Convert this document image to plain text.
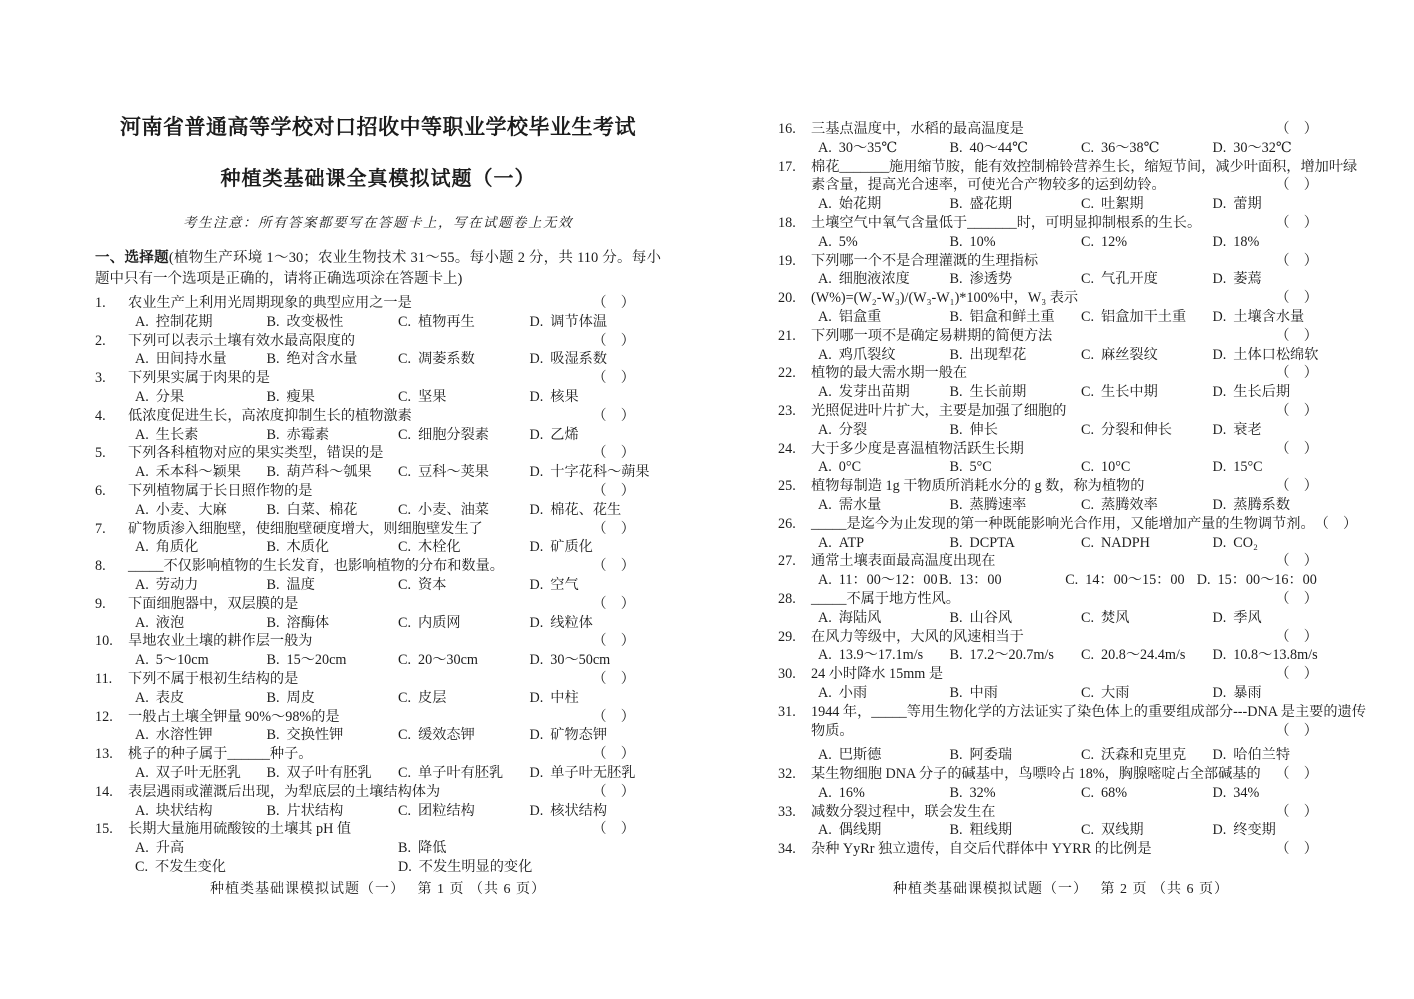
河南省普通高等学校对口招收中等职业学校毕业生考试
种植类基础课全真模拟试题（一）
考生注意：所有答案都要写在答题卡上，写在试题卷上无效
一、选择题(植物生产环境 1～30；农业生物技术 31～55。每小题 2 分，共 110 分。每小题中只有一个选项是正确的，请将正确选项涂在答题卡上)
1.	农业生产上利用光周期现象的典型应用之一是	（　）
A. 控制花期	B. 改变极性	C. 植物再生	D. 调节体温
2.	下列可以表示土壤有效水最高限度的	（　）
A. 田间持水量	B. 绝对含水量	C. 凋萎系数	D. 吸湿系数
3.	下列果实属于肉果的是	（　）
A. 分果	B. 瘦果	C. 坚果	D. 核果
4.	低浓度促进生长，高浓度抑制生长的植物激素	（　）
A. 生长素	B. 赤霉素	C. 细胞分裂素	D. 乙烯
5.	下列各科植物对应的果实类型，错误的是	（　）
A. 禾本科～颖果	B. 葫芦科～瓠果	C. 豆科～荚果	D. 十字花科～蒴果
6.	下列植物属于长日照作物的是	（　）
A. 小麦、大麻	B. 白菜、棉花	C. 小麦、油菜	D. 棉花、花生
7.	矿物质渗入细胞壁，使细胞壁硬度增大，则细胞壁发生了	（　）
A. 角质化	B. 木质化	C. 木栓化	D. 矿质化
8.	_____不仅影响植物的生长发育，也影响植物的分布和数量。	（　）
A. 劳动力	B. 温度	C. 资本	D. 空气
9.	下面细胞器中，双层膜的是	（　）
A. 液泡	B. 溶酶体	C. 内质网	D. 线粒体
10.	旱地农业土壤的耕作层一般为	（　）
A. 5～10cm	B. 15～20cm	C. 20～30cm	D. 30～50cm
11.	下列不属于根初生结构的是	（　）
A. 表皮	B. 周皮	C. 皮层	D. 中柱
12.	一般占土壤全钾量 90%～98%的是	（　）
A. 水溶性钾	B. 交换性钾	C. 缓效态钾	D. 矿物态钾
13.	桃子的种子属于______种子。	（　）
A. 双子叶无胚乳	B. 双子叶有胚乳	C. 单子叶有胚乳	D. 单子叶无胚乳
14.	表层遇雨或灌溉后出现，为犁底层的土壤结构体为	（　）
A. 块状结构	B. 片状结构	C. 团粒结构	D. 核状结构
15.	长期大量施用硫酸铵的土壤其 pH 值	（　）
A. 升高	B. 降低
C. 不发生变化	D. 不发生明显的变化
种植类基础课模拟试题（一）　 第 1 页 （共 6 页）
16.	三基点温度中，水稻的最高温度是	（　）
A. 30～35℃	B. 40～44℃	C. 36～38℃	D. 30～32℃
17.	棉花_______施用缩节胺，能有效控制棉铃营养生长，缩短节间，减少叶面积，增加叶绿
素含量，提高光合速率，可使光合产物较多的运到幼铃。	（　）
A. 始花期	B. 盛花期	C. 吐絮期	D. 蕾期
18.	土壤空气中氧气含量低于_______时，可明显抑制根系的生长。	（　）
A. 5%	B. 10%	C. 12%	D. 18%
19.	下列哪一个不是合理灌溉的生理指标	（　）
A. 细胞液浓度	B. 渗透势	C. 气孔开度	D. 萎蔫
20.	(W%)=(W₂-W₃)/(W₃-W₁)*100%中，W₃ 表示	（　）
A. 铝盒重	B. 铝盒和鲜土重	C. 铝盒加干土重	D. 土壤含水量
21.	下列哪一项不是确定易耕期的简便方法	（　）
A. 鸡爪裂纹	B. 出现犁花	C. 麻丝裂纹	D. 土体口松绵软
22.	植物的最大需水期一般在	（　）
A. 发芽出苗期	B. 生长前期	C. 生长中期	D. 生长后期
23.	光照促进叶片扩大，主要是加强了细胞的	（　）
A. 分裂	B. 伸长	C. 分裂和伸长	D. 衰老
24.	大于多少度是喜温植物活跃生长期	（　）
A. 0°C	B. 5°C	C. 10°C	D. 15°C
25.	植物每制造 1g 干物质所消耗水分的 g 数，称为植物的	（　）
A. 需水量	B. 蒸腾速率	C. 蒸腾效率	D. 蒸腾系数
26.	_____是迄今为止发现的第一种既能影响光合作用，又能增加产量的生物调节剂。 （　）
A. ATP	B. DCPTA	C. NADPH	D. CO₂
27.	通常土壤表面最高温度出现在	（　）
A. 11：00～12：00 B. 13：00	C. 14：00～15：00 D. 15：00～16：00
28.	_____不属于地方性风。	（　）
A. 海陆风	B. 山谷风	C. 焚风	D. 季风
29.	在风力等级中，大风的风速相当于	（　）
A. 13.9～17.1m/s	B. 17.2～20.7m/s	C. 20.8～24.4m/s	D. 10.8～13.8m/s
30.	24 小时降水 15mm 是	（　）
A. 小雨	B. 中雨	C. 大雨	D. 暴雨
31.	1944 年，_____等用生物化学的方法证实了染色体上的重要组成部分---DNA 是主要的遗传
物质。	（　）
A. 巴斯德	B. 阿委瑞	C. 沃森和克里克	D. 哈伯兰特
32.	某生物细胞 DNA 分子的碱基中，鸟嘌呤占 18%，胸腺嘧啶占全部碱基的 （　）
A. 16%	B. 32%	C. 68%	D. 34%
33.	减数分裂过程中，联会发生在	（　）
A. 偶线期	B. 粗线期	C. 双线期	D. 终变期
34.	杂种 YyRr 独立遗传，自交后代群体中 YYRR 的比例是	（　）
种植类基础课模拟试题（一）　 第 2 页 （共 6 页）
